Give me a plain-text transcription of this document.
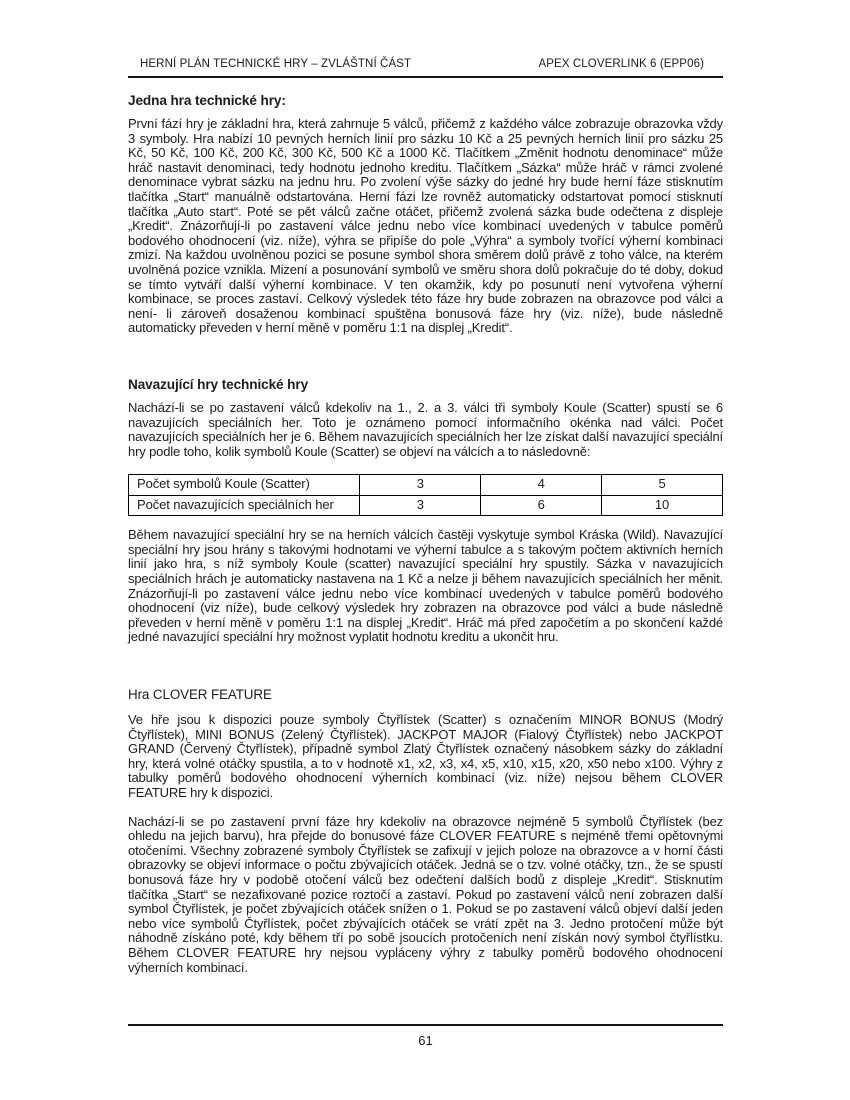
HERNÍ PLÁN TECHNICKÉ HRY – ZVLÁŠTNÍ ČÁST	APEX CLOVERLINK 6 (EPP06)
Jedna hra technické hry:

První fází hry je základní hra, která zahrnuje 5 válců, přičemž z každého válce zobrazuje obrazovka vždy 3 symboly. Hra nabízí 10 pevných herních linií pro sázku 10 Kč a 25 pevných herních linií pro sázku 25 Kč, 50 Kč, 100 Kč, 200 Kč, 300 Kč, 500 Kč a 1000 Kč. Tlačítkem „Změnit hodnotu denominace“ může hráč nastavit denominaci, tedy hodnotu jednoho kreditu. Tlačítkem „Sázka“ může hráč v rámci zvolené denominace vybrat sázku na jednu hru. Po zvolení výše sázky do jedné hry bude herní fáze stisknutím tlačítka „Start“ manuálně odstartována. Herní fázi lze rovněž automaticky odstartovat pomocí stisknutí tlačítka „Auto start“. Poté se pět válců začne otáčet, přičemž zvolená sázka bude odečtena z displeje „Kredit“. Znázorňují-li po zastavení válce jednu nebo více kombinací uvedených v tabulce poměrů bodového ohodnocení (viz. níže), výhra se připíše do pole „Výhra“ a symboly tvořící výherní kombinaci zmizí. Na každou uvolněnou pozici se posune symbol shora směrem dolů právě z toho válce, na kterém uvolněná pozice vznikla. Mizení a posunování symbolů ve směru shora dolů pokračuje do té doby, dokud se tímto vytváří další výherní kombinace. V ten okamžik, kdy po posunutí není vytvořena výherní kombinace, se proces zastaví. Celkový výsledek této fáze hry bude zobrazen na obrazovce pod válci a není- li zároveň dosaženou kombinací spuštěna bonusová fáze hry (viz. níže), bude následně automaticky převeden v herní měně v poměru 1:1 na displej „Kredit“.

Navazující hry technické hry

Nachází-li se po zastavení válců kdekoliv na 1., 2. a 3. válci tři symboly Koule (Scatter) spustí se 6 navazujících speciálních her. Toto je oznámeno pomocí informačního okénka nad válci. Počet navazujících speciálních her je 6. Během navazujících speciálních her lze získat další navazující speciální hry podle toho, kolik symbolů Koule (Scatter) se objeví na válcích a to následovně:

Počet symbolů Koule (Scatter)	3	4	5
Počet navazujících speciálních her	3	6	10

Během navazující speciální hry se na herních válcích častěji vyskytuje symbol Kráska (Wild). Navazující speciální hry jsou hrány s takovými hodnotami ve výherní tabulce a s takovým počtem aktivních herních linií jako hra, s níž symboly Koule (scatter) navazující speciální hry spustily. Sázka v navazujících speciálních hrách je automaticky nastavena na 1 Kč a nelze ji během navazujících speciálních her měnit. Znázorňují-li po zastavení válce jednu nebo více kombinací uvedených v tabulce poměrů bodového ohodnocení (viz níže), bude celkový výsledek hry zobrazen na obrazovce pod válci a bude následně převeden v herní měně v poměru 1:1 na displej „Kredit“. Hráč má před započetím a po skončení každé jedné navazující speciální hry možnost vyplatit hodnotu kreditu a ukončit hru.

Hra CLOVER FEATURE

Ve hře jsou k dispozici pouze symboly Čtyřlístek (Scatter) s označením MINOR BONUS (Modrý Čtyřlístek), MINI BONUS (Zelený Čtyřlístek). JACKPOT MAJOR (Fialový Čtyřlístek) nebo JACKPOT GRAND (Červený Čtyřlístek), případně symbol Zlatý Čtyřlístek označený násobkem sázky do základní hry, která volné otáčky spustila, a to v hodnotě x1, x2, x3, x4, x5, x10, x15, x20, x50 nebo x100. Výhry z tabulky poměrů bodového ohodnocení výherních kombinací (viz. níže) nejsou během CLOVER FEATURE hry k dispozici.

Nachází-li se po zastavení první fáze hry kdekoliv na obrazovce nejméně 5 symbolů Čtyřlístek (bez ohledu na jejich barvu), hra přejde do bonusové fáze CLOVER FEATURE s nejméně třemi opětovnými otočeními. Všechny zobrazené symboly Čtyřlístek se zafixují v jejich poloze na obrazovce a v horní části obrazovky se objeví informace o počtu zbývajících otáček. Jedná se o tzv. volné otáčky, tzn., že se spustí bonusová fáze hry v podobě otočení válců bez odečtení dalších bodů z displeje „Kredit“. Stisknutím tlačítka „Start“ se nezafixované pozice roztočí a zastaví. Pokud po zastavení válců není zobrazen další symbol Čtyřlístek, je počet zbývajících otáček snížen o 1. Pokud se po zastavení válců objeví další jeden nebo více symbolů Čtyřlístek, počet zbývajících otáček se vrátí zpět na 3. Jedno protočení může být náhodně získáno poté, kdy během tří po sobě jsoucích protočeních není získán nový symbol čtyřlístku. Během CLOVER FEATURE hry nejsou vypláceny výhry z tabulky poměrů bodového ohodnocení výherních kombinací.

61
